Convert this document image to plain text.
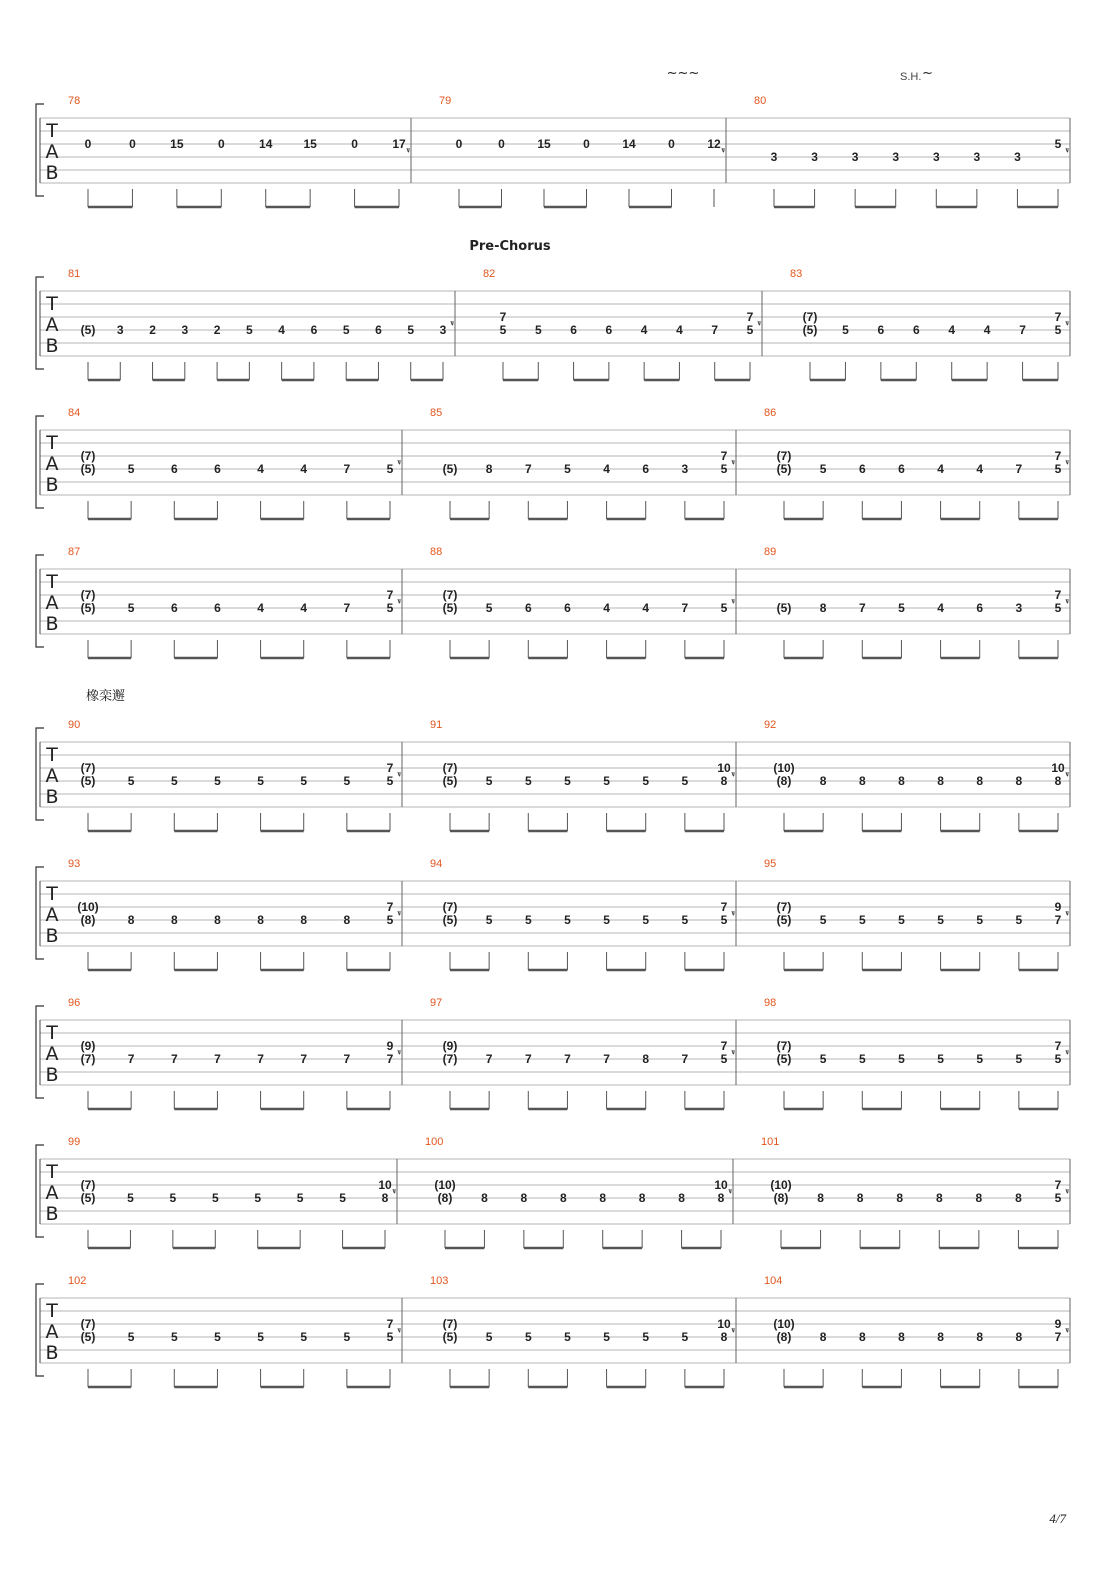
T
A
B
78
0	0	15	0	14	15	0	17
79
0	0	15	0	14	0	12
80
3	3	3	3	3	3	3
5
T
A
B
81
(5) 3 2 3 2 5 4 6 5 6 5 3
82
7
5 5 6 6 4 4 7
7
5
83
(7)
(5) 5 6 6 4 4 7
7
5
T
A
B
84
(7)
(5)	5	6	6	4	4	7	5
85
(5) 8	7	5	4	6	3
7
5
86
(7)
(5) 5	6	6	4	4	7
7
5
T
A
B
87
(7)
(5)	5	6	6	4	4	7
7
5
88
(7)
(5) 5	6	6	4	4	7	5
89
(5) 8	7	5	4	6	3
7
5
T
A
B
90
(7)
(5)	5	5	5	5	5	5
7
5
91
(7)
(5) 5	5	5	5	5	5
10
8
92
(10)
(8) 8	8	8	8	8	8
10
8
T
A
B
93
(10)
(8)	8	8	8	8	8	8
7
5
94
(7)
(5) 5	5	5	5	5	5
7
5
95
(7)
(5) 5	5	5	5	5	5
9
7
T
A
B
96
(9)
(7)	7	7	7	7	7	7
9
7
97
(9)
(7) 7	7	7	7	8	7
7
5
98
(7)
(5) 5	5	5	5	5	5
7
5
T
A
B
99
(7)
(5)	5	5	5	5	5	5
10
8
100
(10)
(8) 8	8	8	8	8	8
10
8
101
(10)
(8) 8	8	8	8	8	8
7
5
T
A
B
102
(7)
(5)	5	5	5	5	5	5
7
5
103
(7)
(5) 5	5	5	5	5	5
10
8
104
(10)
(8) 8	8	8	8	8	8
9
7
Pre-Chorus
橡栾邂
~~~	S.H. ~
4/7
